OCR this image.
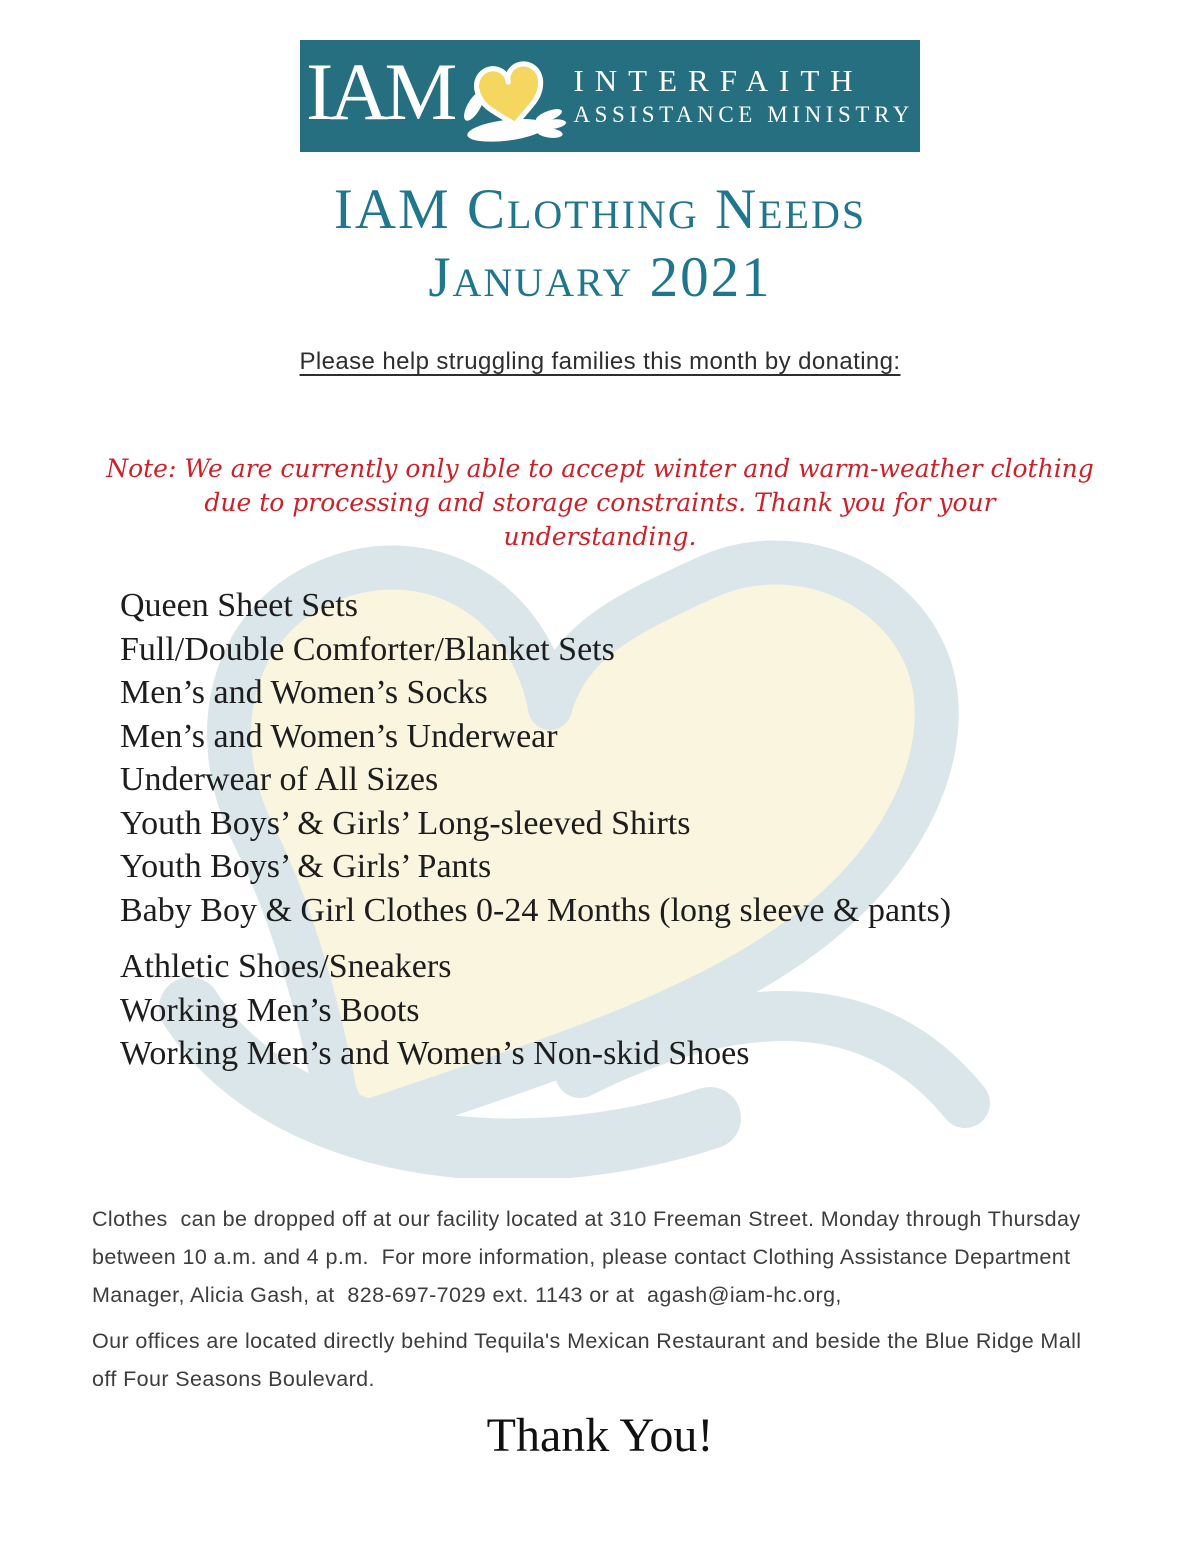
IAM	INTERFAITH
ASSISTANCE MINISTRY
IAM Clothing Needs
January 2021
Please help struggling families this month by donating:
Note: We are currently only able to accept winter and warm-weather clothing due to processing and storage constraints. Thank you for your understanding.
Queen Sheet Sets
Full/Double Comforter/Blanket Sets
Men’s and Women’s Socks
Men’s and Women’s Underwear
Underwear of All Sizes
Youth Boys’ & Girls’ Long-sleeved Shirts
Youth Boys’ & Girls’ Pants
Baby Boy & Girl Clothes 0-24 Months (long sleeve & pants)
Athletic Shoes/Sneakers
Working Men’s Boots
Working Men’s and Women’s Non-skid Shoes

Clothes  can be dropped off at our facility located at 310 Freeman Street. Monday through Thursday between 10 a.m. and 4 p.m.  For more information, please contact Clothing Assistance Department Manager, Alicia Gash, at  828-697-7029 ext. 1143 or at  agash@iam-hc.org,

Our offices are located directly behind Tequila's Mexican Restaurant and beside the Blue Ridge Mall off Four Seasons Boulevard.

Thank You!
